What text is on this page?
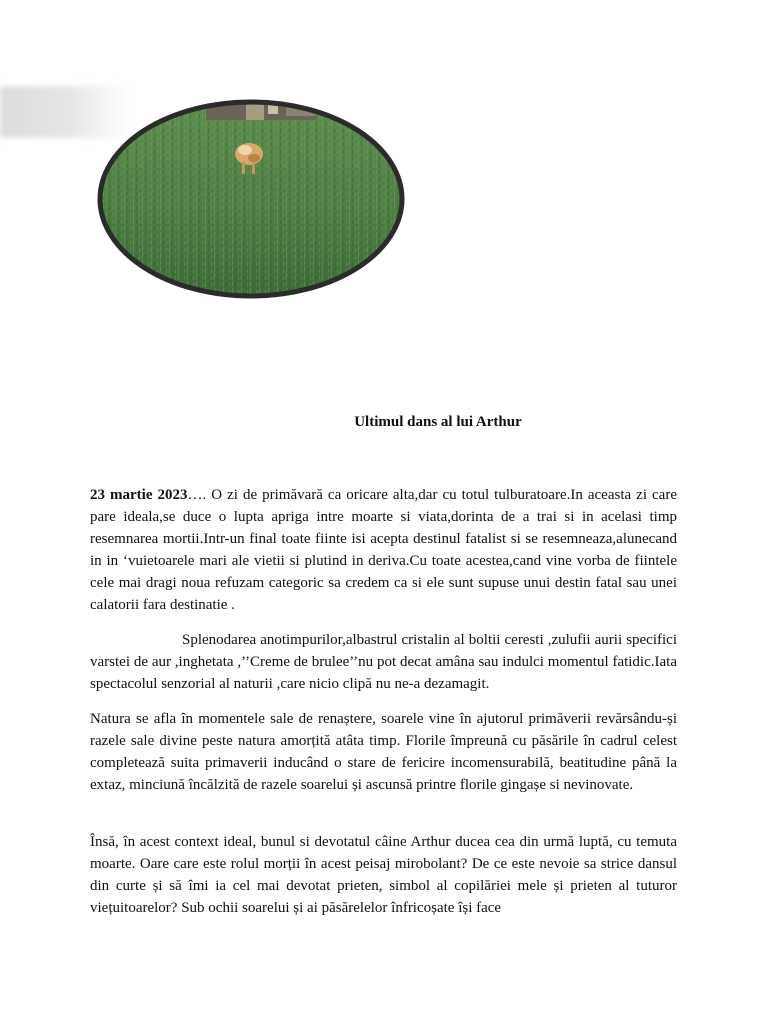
Ultimul dans al lui Arthur

23 martie 2023…. O zi de primăvară ca oricare alta,dar cu totul tulburatoare.In aceasta zi care pare ideala,se duce o lupta apriga intre moarte si viata,dorinta de a trai si in acelasi timp resemnarea mortii.Intr-un final toate fiinte isi acepta destinul fatalist si se resemneaza,alunecand in in ‘vuietoarele mari ale vietii si plutind in deriva.Cu toate acestea,cand vine vorba de fiintele cele mai dragi noua refuzam categoric sa credem ca si ele sunt supuse unui destin fatal sau unei calatorii fara destinatie .

Splenodarea anotimpurilor,albastrul cristalin al boltii ceresti ,zulufii aurii specifici varstei de aur ,inghetata ,’’Creme de brulee’’nu pot decat amâna sau indulci momentul fatidic.Iata spectacolul senzorial al naturii ,care nicio clipă nu ne-a dezamagit.

Natura se afla în momentele sale de renaștere, soarele vine în ajutorul primăverii revărsându-și razele sale divine peste natura amorțită atâta timp. Florile împreună cu păsările în cadrul celest completează suita primaverii inducând o stare de fericire incomensurabilă, beatitudine până la extaz, minciună încălzită de razele soarelui și ascunsă printre florile gingașe si nevinovate.

Însă, în acest context ideal, bunul si devotatul câine Arthur ducea cea din urmă luptă, cu temuta moarte. Oare care este rolul morții în acest peisaj mirobolant? De ce este nevoie sa strice dansul din curte și să îmi ia cel mai devotat prieten, simbol al copilăriei mele și prieten al tuturor viețuitoarelor? Sub ochii soarelui și ai păsărelelor înfricoșate își face
